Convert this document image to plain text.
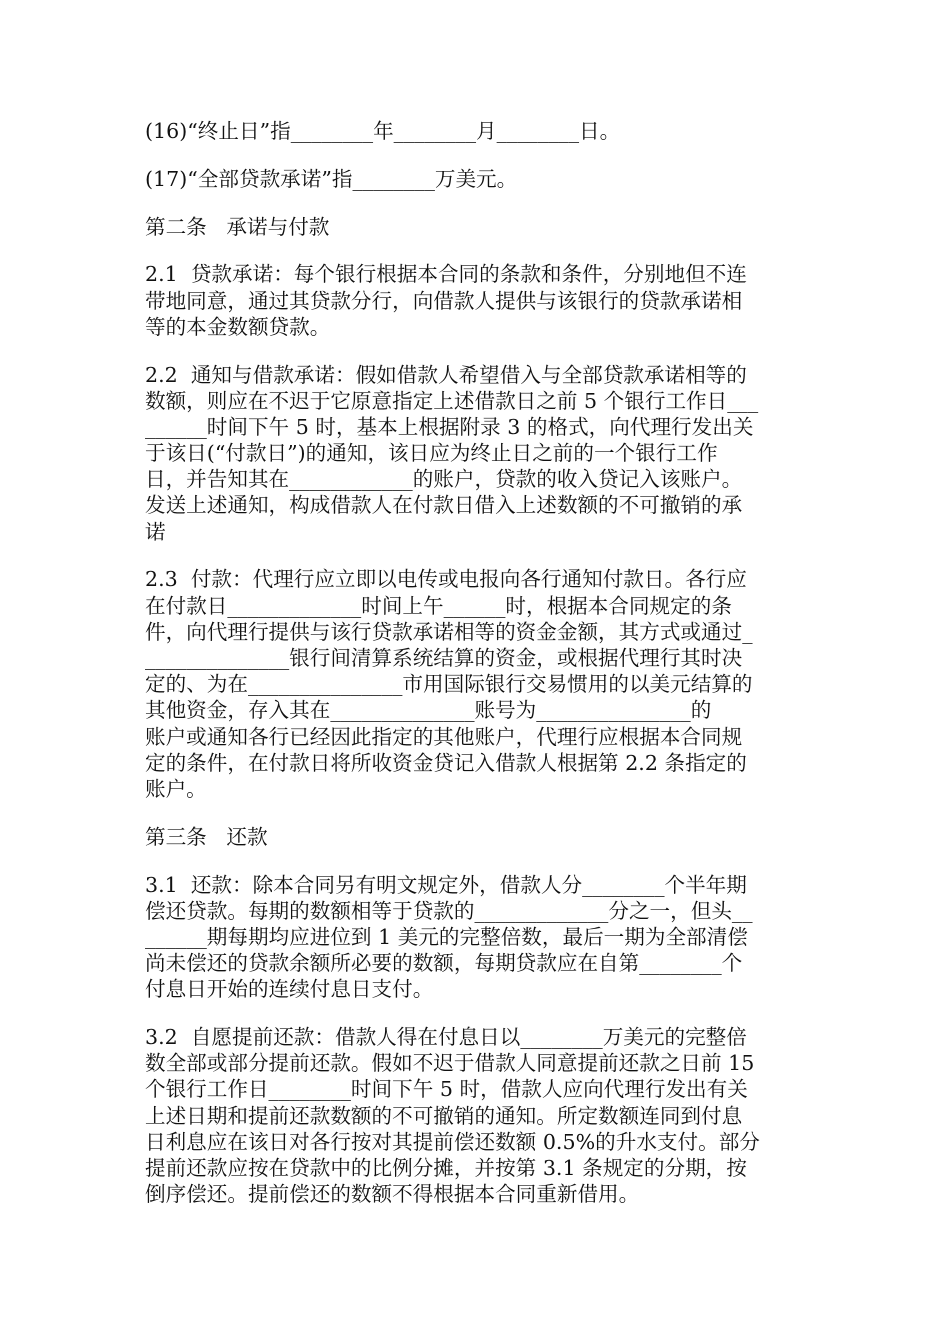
(16)“终止日”指________年________月________日。
(17)“全部贷款承诺”指________万美元。
第二条   承诺与付款
2.1  贷款承诺：每个银行根据本合同的条款和条件，分别地但不连
带地同意，通过其贷款分行，向借款人提供与该银行的贷款承诺相
等的本金数额贷款。
2.2  通知与借款承诺：假如借款人希望借入与全部贷款承诺相等的
数额，则应在不迟于它原意指定上述借款日之前 5 个银行工作日___
______时间下午 5 时，基本上根据附录 3 的格式，向代理行发出关
于该日(“付款日”)的通知，该日应为终止日之前的一个银行工作
日，并告知其在____________的账户，贷款的收入贷记入该账户。
发送上述通知，构成借款人在付款日借入上述数额的不可撤销的承
诺
2.3  付款：代理行应立即以电传或电报向各行通知付款日。各行应
在付款日_____________时间上午______时，根据本合同规定的条
件，向代理行提供与该行贷款承诺相等的资金金额，其方式或通过_
______________银行间清算系统结算的资金，或根据代理行其时决
定的、为在_______________市用国际银行交易惯用的以美元结算的
其他资金，存入其在______________账号为_______________的
账户或通知各行已经因此指定的其他账户，代理行应根据本合同规
定的条件，在付款日将所收资金贷记入借款人根据第 2.2 条指定的
账户。
第三条   还款
3.1  还款：除本合同另有明文规定外，借款人分________个半年期
偿还贷款。每期的数额相等于贷款的_____________分之一，但头__
______期每期均应进位到 1 美元的完整倍数，最后一期为全部清偿
尚未偿还的贷款余额所必要的数额，每期贷款应在自第________个
付息日开始的连续付息日支付。
3.2  自愿提前还款：借款人得在付息日以________万美元的完整倍
数全部或部分提前还款。假如不迟于借款人同意提前还款之日前 15
个银行工作日________时间下午 5 时，借款人应向代理行发出有关
上述日期和提前还款数额的不可撤销的通知。所定数额连同到付息
日利息应在该日对各行按对其提前偿还数额 0.5%的升水支付。部分
提前还款应按在贷款中的比例分摊，并按第 3.1 条规定的分期，按
倒序偿还。提前偿还的数额不得根据本合同重新借用。
